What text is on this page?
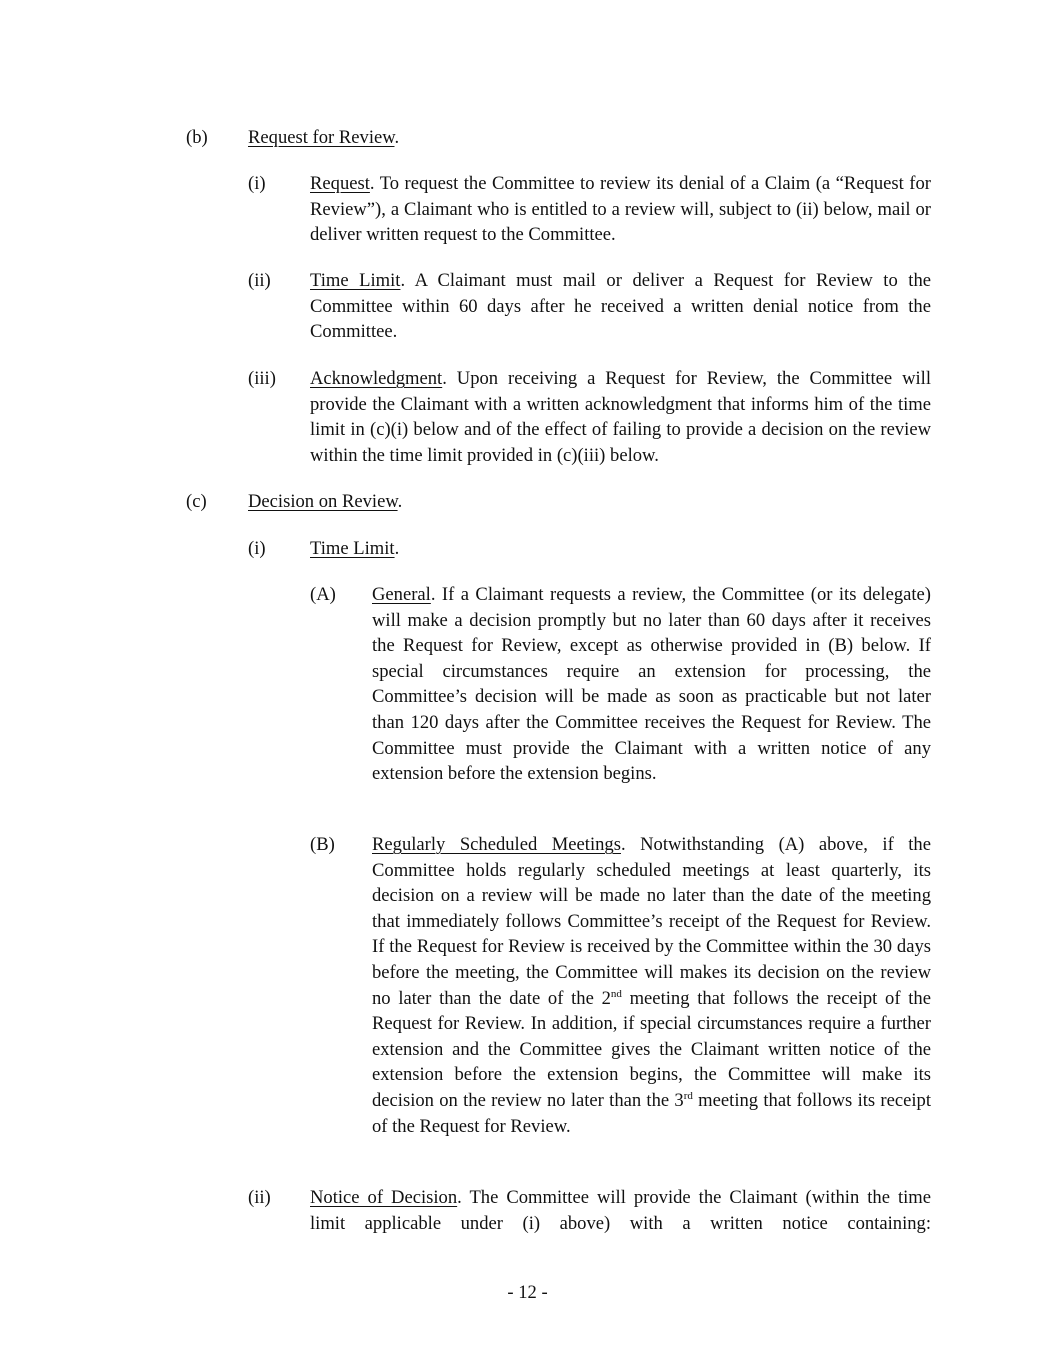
(b) Request for Review.
(i) Request. To request the Committee to review its denial of a Claim (a “Request for Review”), a Claimant who is entitled to a review will, subject to (ii) below, mail or deliver written request to the Committee.
(ii) Time Limit. A Claimant must mail or deliver a Request for Review to the Committee within 60 days after he received a written denial notice from the Committee.
(iii) Acknowledgment. Upon receiving a Request for Review, the Committee will provide the Claimant with a written acknowledgment that informs him of the time limit in (c)(i) below and of the effect of failing to provide a decision on the review within the time limit provided in (c)(iii) below.
(c) Decision on Review.
(i) Time Limit.
(A) General. If a Claimant requests a review, the Committee (or its delegate) will make a decision promptly but no later than 60 days after it receives the Request for Review, except as otherwise provided in (B) below. If special circumstances require an extension for processing, the Committee’s decision will be made as soon as practicable but not later than 120 days after the Committee receives the Request for Review. The Committee must provide the Claimant with a written notice of any extension before the extension begins.
(B) Regularly Scheduled Meetings. Notwithstanding (A) above, if the Committee holds regularly scheduled meetings at least quarterly, its decision on a review will be made no later than the date of the meeting that immediately follows Committee’s receipt of the Request for Review. If the Request for Review is received by the Committee within the 30 days before the meeting, the Committee will makes its decision on the review no later than the date of the 2nd meeting that follows the receipt of the Request for Review. In addition, if special circumstances require a further extension and the Committee gives the Claimant written notice of the extension before the extension begins, the Committee will make its decision on the review no later than the 3rd meeting that follows its receipt of the Request for Review.
(ii) Notice of Decision. The Committee will provide the Claimant (within the time limit applicable under (i) above) with a written notice containing:
- 12 -
